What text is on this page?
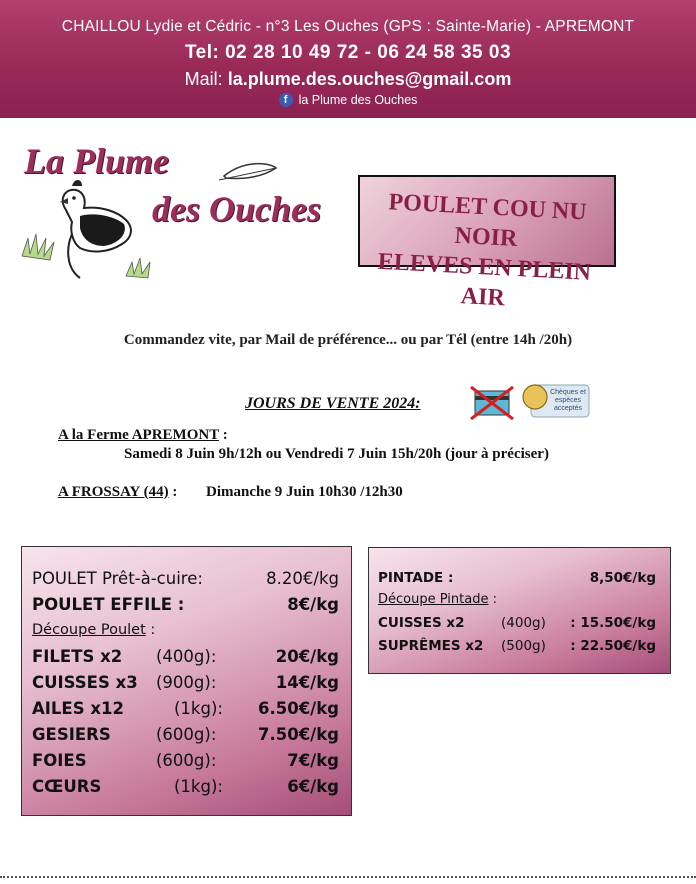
CHAILLOU Lydie et Cédric - n°3 Les Ouches (GPS : Sainte-Marie) - APREMONT
Tel: 02 28 10 49 72 - 06 24 58 35 03
Mail: la.plume.des.ouches@gmail.com
f la Plume des Ouches
La Plume
des Ouches	POULET COU NU NOIR
ELEVES EN PLEIN AIR
Commandez vite, par Mail de préférence... ou par Tél (entre 14h /20h)
JOURS DE VENTE 2024:
Chèques et espèces acceptés
A la Ferme APREMONT :
Samedi 8 Juin 9h/12h ou Vendredi 7 Juin 15h/20h (jour à préciser)
A FROSSAY (44) : Dimanche 9 Juin 10h30 /12h30
POULET Prêt-à-cuire:	8.20€/kg
POULET EFFILE :	8€/kg
Découpe Poulet :
FILETS x2 (400g):	20€/kg
CUISSES x3 (900g):	14€/kg
AILES x12	(1kg): 6.50€/kg
GESIERS	(600g):	7.50€/kg
FOIES	(600g):	7€/kg
CŒURS	(1kg):	6€/kg
PINTADE :	8,50€/kg
Découpe Pintade :
CUISSES x2	(400g) : 15.50€/kg
SUPRÊMES x2 (500g) : 22.50€/kg
